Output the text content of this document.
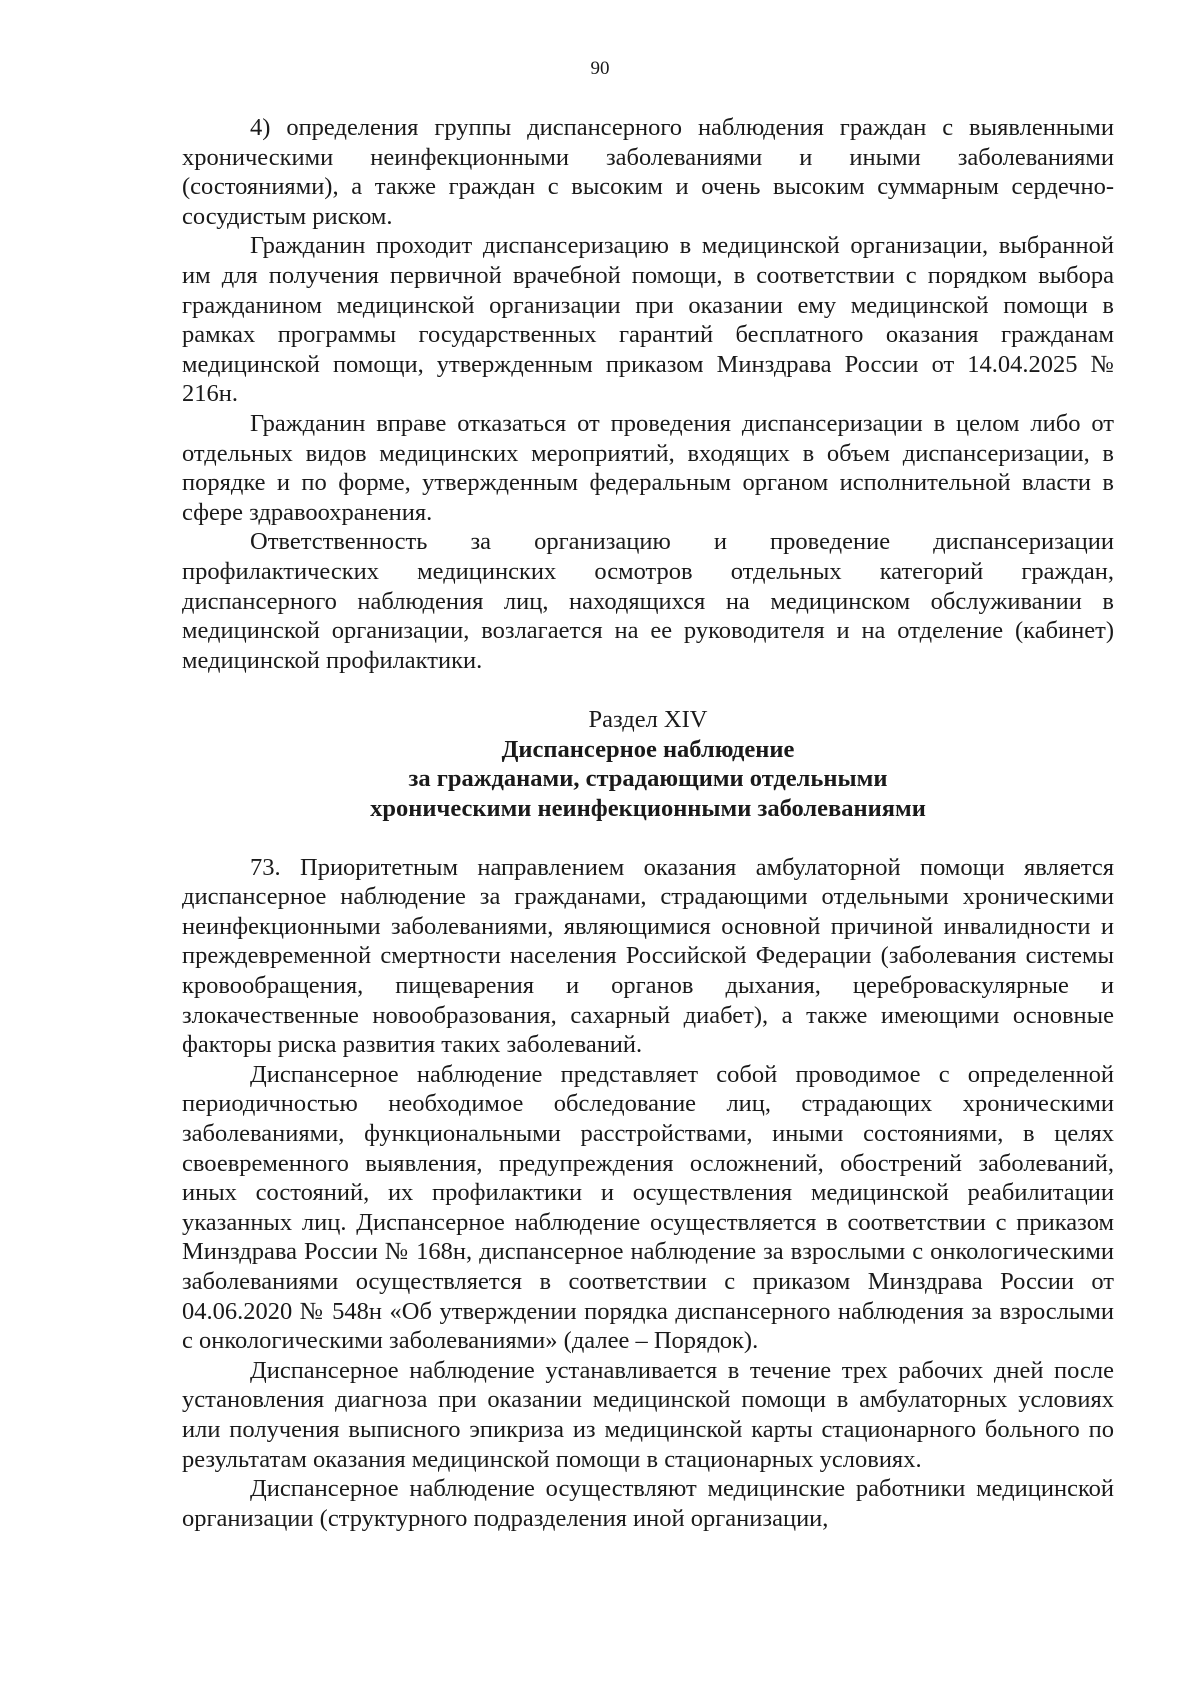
90

4) определения группы диспансерного наблюдения граждан с выявленными хроническими неинфекционными заболеваниями и иными заболеваниями (состояниями), а также граждан с высоким и очень высоким суммарным сердечно-сосудистым риском.

Гражданин проходит диспансеризацию в медицинской организации, выбранной им для получения первичной врачебной помощи, в соответствии с порядком выбора гражданином медицинской организации при оказании ему медицинской помощи в рамках программы государственных гарантий бесплатного оказания гражданам медицинской помощи, утвержденным приказом Минздрава России от 14.04.2025 № 216н.

Гражданин вправе отказаться от проведения диспансеризации в целом либо от отдельных видов медицинских мероприятий, входящих в объем диспансеризации, в порядке и по форме, утвержденным федеральным органом исполнительной власти в сфере здравоохранения.

Ответственность за организацию и проведение диспансеризации профилактических медицинских осмотров отдельных категорий граждан, диспансерного наблюдения лиц, находящихся на медицинском обслуживании в медицинской организации, возлагается на ее руководителя и на отделение (кабинет) медицинской профилактики.

Раздел XIV

Диспансерное наблюдение

за гражданами, страдающими отдельными

хроническими неинфекционными заболеваниями

73. Приоритетным направлением оказания амбулаторной помощи является диспансерное наблюдение за гражданами, страдающими отдельными хроническими неинфекционными заболеваниями, являющимися основной причиной инвалидности и преждевременной смертности населения Российской Федерации (заболевания системы кровообращения, пищеварения и органов дыхания, цереброваскулярные и злокачественные новообразования, сахарный диабет), а также имеющими основные факторы риска развития таких заболеваний.

Диспансерное наблюдение представляет собой проводимое с определенной периодичностью необходимое обследование лиц, страдающих хроническими заболеваниями, функциональными расстройствами, иными состояниями, в целях своевременного выявления, предупреждения осложнений, обострений заболеваний, иных состояний, их профилактики и осуществления медицинской реабилитации указанных лиц. Диспансерное наблюдение осуществляется в соответствии с приказом Минздрава России № 168н, диспансерное наблюдение за взрослыми с онкологическими заболеваниями осуществляется в соответствии с приказом Минздрава России от 04.06.2020 № 548н «Об утверждении порядка диспансерного наблюдения за взрослыми с онкологическими заболеваниями» (далее – Порядок).

Диспансерное наблюдение устанавливается в течение трех рабочих дней после установления диагноза при оказании медицинской помощи в амбулаторных условиях или получения выписного эпикриза из медицинской карты стационарного больного по результатам оказания медицинской помощи в стационарных условиях.

Диспансерное наблюдение осуществляют медицинские работники медицинской организации (структурного подразделения иной организации,
